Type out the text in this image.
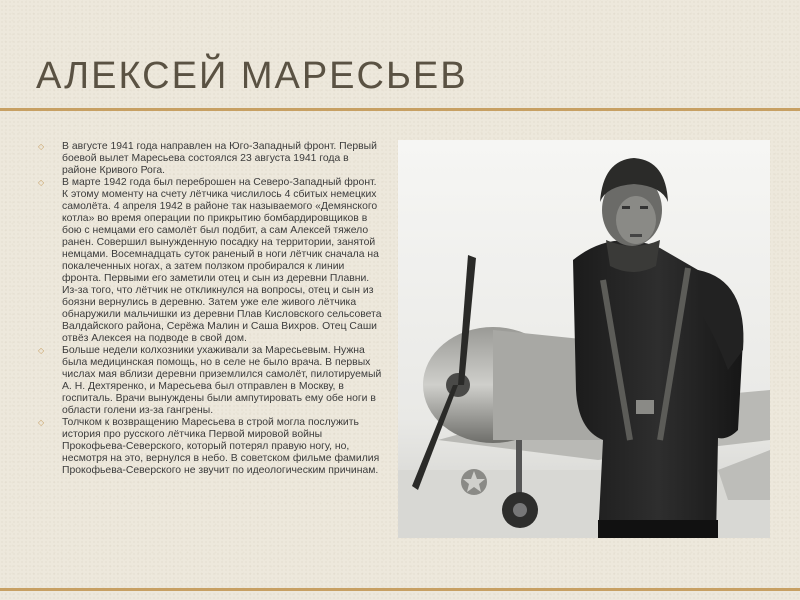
АЛЕКСЕЙ МАРЕСЬЕВ
◇ В августе 1941 года направлен на Юго-Западный фронт. Первый боевой вылет Маресьева состоялся 23 августа 1941 года в районе Кривого Рога.
◇ В марте 1942 года был переброшен на Северо-Западный фронт. К этому моменту на счету лётчика числилось 4 сбитых немецких самолёта. 4 апреля 1942 в районе так называемого «Демянского котла» во время операции по прикрытию бомбардировщиков в бою с немцами его самолёт был подбит, а сам Алексей тяжело ранен. Совершил вынужденную посадку на территории, занятой немцами. Восемнадцать суток раненый в ноги лётчик сначала на покалеченных ногах, а затем ползком пробирался к линии фронта. Первыми его заметили отец и сын из деревни Плавни. Из-за того, что лётчик не откликнулся на вопросы, отец и сын из боязни вернулись в деревню. Затем уже еле живого лётчика обнаружили мальчишки из деревни Плав Кисловского сельсовета Валдайского района, Серёжа Малин и Саша Вихров. Отец Саши отвёз Алексея на подводе в свой дом.
◇ Больше недели колхозники ухаживали за Маресьевым. Нужна была медицинская помощь, но в селе не было врача. В первых числах мая вблизи деревни приземлился самолёт, пилотируемый А. Н. Дехтяренко, и Маресьева был отправлен в Москву, в госпиталь. Врачи вынуждены были ампутировать ему обе ноги в области голени из-за гангрены.
◇ Толчком к возвращению Маресьева в строй могла послужить история про русского лётчика Первой мировой войны Прокофьева-Северского, который потерял правую ногу, но, несмотря на это, вернулся в небо. В советском фильме фамилия Прокофьева-Северского не звучит по идеологическим причинам.
